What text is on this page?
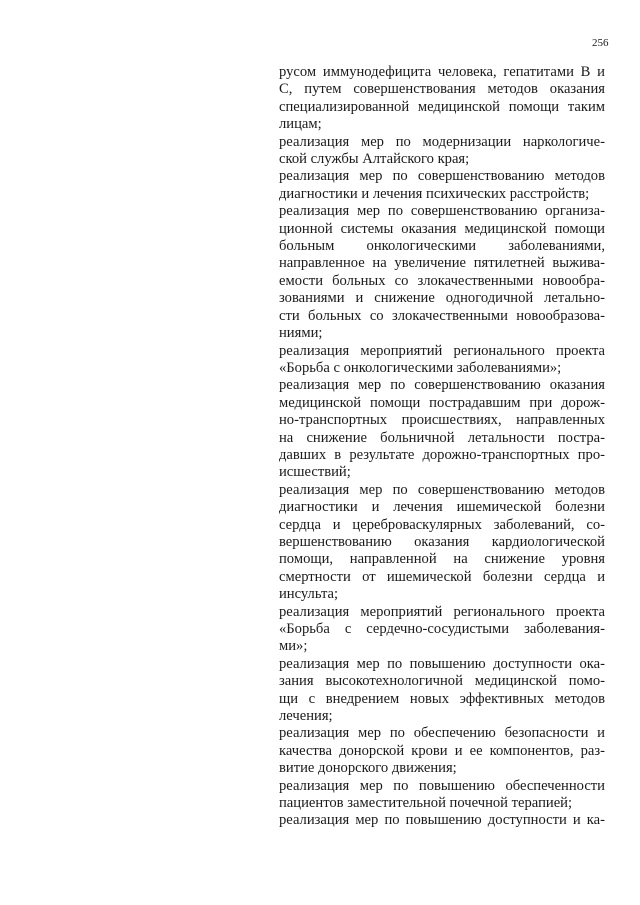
256
русом иммунодефицита человека, гепатитами В и
С, путем совершенствования методов оказания
специализированной медицинской помощи таким
лицам;
реализация мер по модернизации наркологиче-
ской службы Алтайского края;
реализация мер по совершенствованию методов
диагностики и лечения психических расстройств;
реализация мер по совершенствованию организа-
ционной системы оказания медицинской помощи
больным онкологическими заболеваниями,
направленное на увеличение пятилетней выжива-
емости больных со злокачественными новообра-
зованиями и снижение одногодичной летально-
сти больных со злокачественными новообразова-
ниями;
реализация мероприятий регионального проекта
«Борьба с онкологическими заболеваниями»;
реализация мер по совершенствованию оказания
медицинской помощи пострадавшим при дорож-
но-транспортных происшествиях, направленных
на снижение больничной летальности постра-
давших в результате дорожно-транспортных про-
исшествий;
реализация мер по совершенствованию методов
диагностики и лечения ишемической болезни
сердца и цереброваскулярных заболеваний, со-
вершенствованию оказания кардиологической
помощи, направленной на снижение уровня
смертности от ишемической болезни сердца и
инсульта;
реализация мероприятий регионального проекта
«Борьба с сердечно-сосудистыми заболевания-
ми»;
реализация мер по повышению доступности ока-
зания высокотехнологичной медицинской помо-
щи с внедрением новых эффективных методов
лечения;
реализация мер по обеспечению безопасности и
качества донорской крови и ее компонентов, раз-
витие донорского движения;
реализация мер по повышению обеспеченности
пациентов заместительной почечной терапией;
реализация мер по повышению доступности и ка-
